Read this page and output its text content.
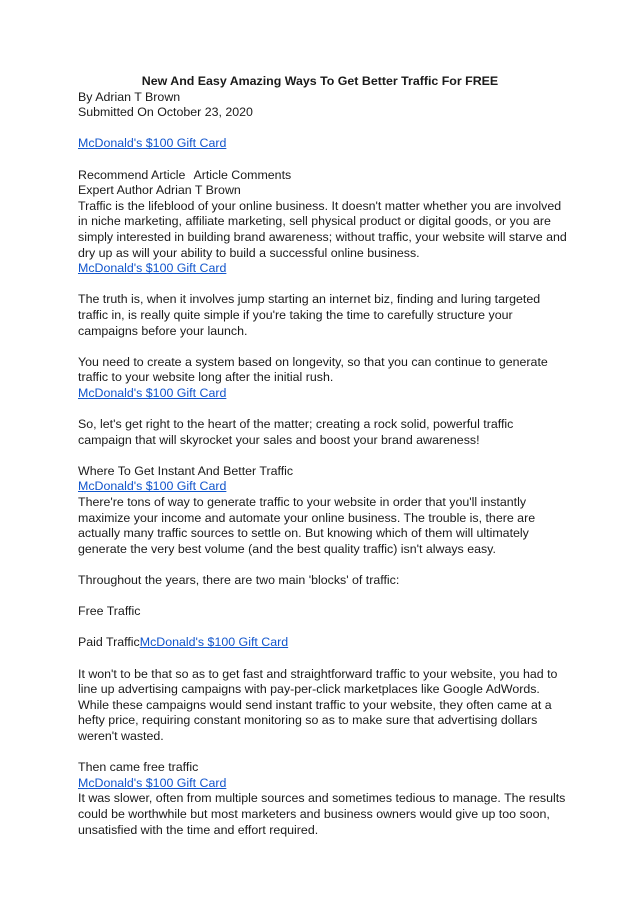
New And Easy Amazing Ways To Get Better Traffic For FREE

By Adrian T Brown

Submitted On October 23, 2020

McDonald's $100 Gift Card

Recommend Article Article Comments

Expert Author Adrian T Brown

Traffic is the lifeblood of your online business. It doesn't matter whether you are involved in niche marketing, affiliate marketing, sell physical product or digital goods, or you are simply interested in building brand awareness; without traffic, your website will starve and dry up as will your ability to build a successful online business.

McDonald's $100 Gift Card

The truth is, when it involves jump starting an internet biz, finding and luring targeted traffic in, is really quite simple if you're taking the time to carefully structure your campaigns before your launch.

You need to create a system based on longevity, so that you can continue to generate traffic to your website long after the initial rush.

McDonald's $100 Gift Card

So, let's get right to the heart of the matter; creating a rock solid, powerful traffic campaign that will skyrocket your sales and boost your brand awareness!

Where To Get Instant And Better Traffic

McDonald's $100 Gift Card

There're tons of way to generate traffic to your website in order that you'll instantly maximize your income and automate your online business. The trouble is, there are actually many traffic sources to settle on. But knowing which of them will ultimately generate the very best volume (and the best quality traffic) isn't always easy.

Throughout the years, there are two main 'blocks' of traffic:

Free Traffic

Paid TrafficMcDonald's $100 Gift Card

It won't to be that so as to get fast and straightforward traffic to your website, you had to line up advertising campaigns with pay-per-click marketplaces like Google AdWords. While these campaigns would send instant traffic to your website, they often came at a hefty price, requiring constant monitoring so as to make sure that advertising dollars weren't wasted.

Then came free traffic

McDonald's $100 Gift Card

It was slower, often from multiple sources and sometimes tedious to manage. The results could be worthwhile but most marketers and business owners would give up too soon, unsatisfied with the time and effort required.
